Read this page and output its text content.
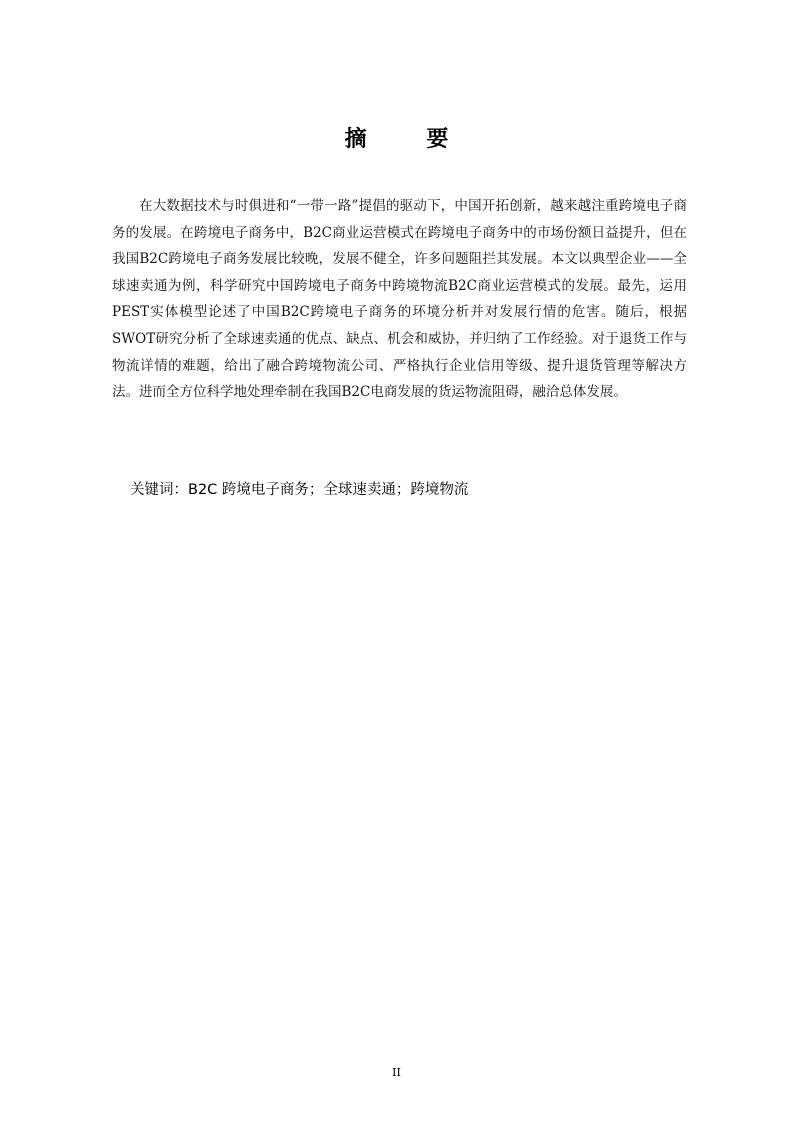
摘 要

在大数据技术与时俱进和“一带一路”提倡的驱动下，中国开拓创新，越来越注重跨境电子商务的发展。在跨境电子商务中，B2C商业运营模式在跨境电子商务中的市场份额日益提升，但在我国B2C跨境电子商务发展比较晚，发展不健全，许多问题阻拦其发展。本文以典型企业——全球速卖通为例，科学研究中国跨境电子商务中跨境物流B2C商业运营模式的发展。最先，运用PEST实体模型论述了中国B2C跨境电子商务的环境分析并对发展行情的危害。随后，根据SWOT研究分析了全球速卖通的优点、缺点、机会和威协，并归纳了工作经验。对于退货工作与物流详情的难题，给出了融合跨境物流公司、严格执行企业信用等级、提升退货管理等解决方法。进而全方位科学地处理牵制在我国B2C电商发展的货运物流阻碍，融洽总体发展。

关键词：B2C 跨境电子商务；全球速卖通；跨境物流
II
